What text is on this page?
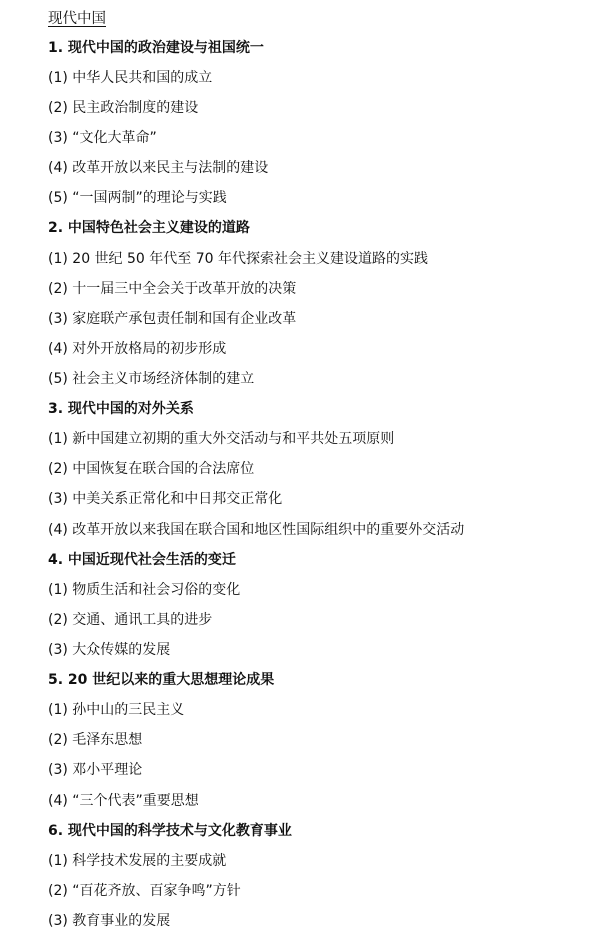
现代中国
1. 现代中国的政治建设与祖国统一
(1) 中华人民共和国的成立
(2) 民主政治制度的建设
(3) “文化大革命”
(4) 改革开放以来民主与法制的建设
(5) “一国两制”的理论与实践
2. 中国特色社会主义建设的道路
(1) 20 世纪 50 年代至 70 年代探索社会主义建设道路的实践
(2) 十一届三中全会关于改革开放的决策
(3) 家庭联产承包责任制和国有企业改革
(4) 对外开放格局的初步形成
(5) 社会主义市场经济体制的建立
3. 现代中国的对外关系
(1) 新中国建立初期的重大外交活动与和平共处五项原则
(2) 中国恢复在联合国的合法席位
(3) 中美关系正常化和中日邦交正常化
(4) 改革开放以来我国在联合国和地区性国际组织中的重要外交活动
4. 中国近现代社会生活的变迁
(1) 物质生活和社会习俗的变化
(2) 交通、通讯工具的进步
(3) 大众传媒的发展
5. 20 世纪以来的重大思想理论成果
(1) 孙中山的三民主义
(2) 毛泽东思想
(3) 邓小平理论
(4) “三个代表”重要思想
6. 现代中国的科学技术与文化教育事业
(1) 科学技术发展的主要成就
(2) “百花齐放、百家争鸣”方针
(3) 教育事业的发展
